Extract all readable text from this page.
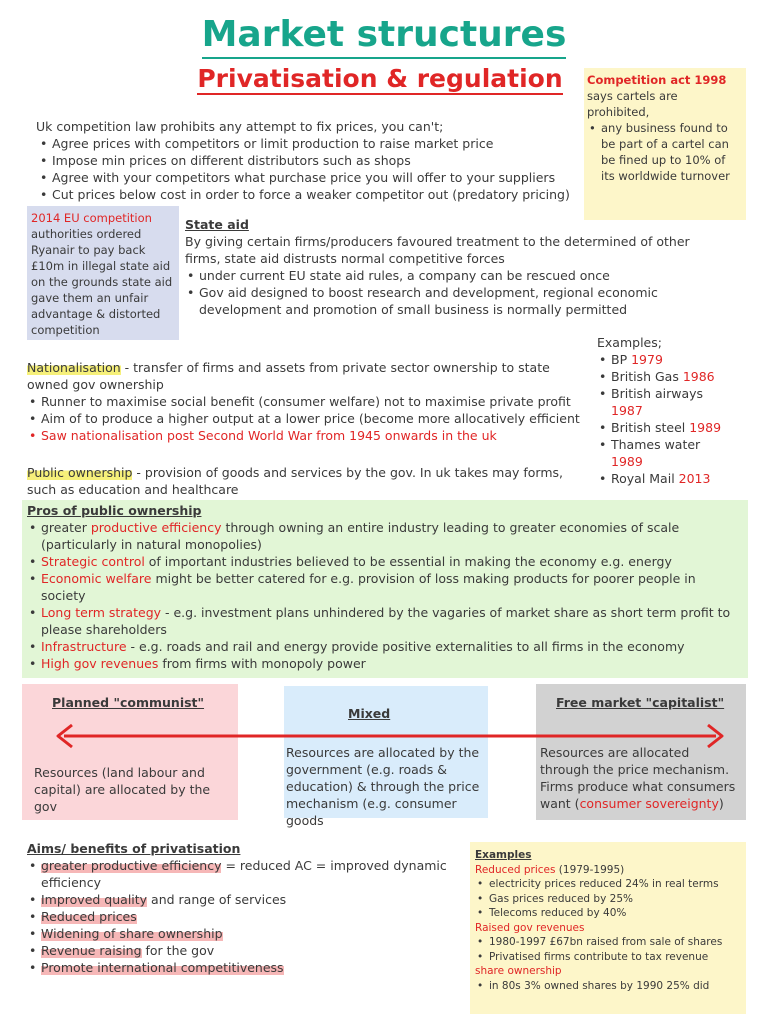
Market structures
Privatisation & regulation	Competition act 1998
says cartels are prohibited,
• any business found to be part of a cartel can be fined up to 10% of its worldwide turnover
Uk competition law prohibits any attempt to fix prices, you can't;
• Agree prices with competitors or limit production to raise market price
• Impose min prices on different distributors such as shops
• Agree with your competitors what purchase price you will offer to your suppliers
• Cut prices below cost in order to force a weaker competitor out (predatory pricing)
2014 EU competition
authorities ordered Ryanair to pay back £10m in illegal state aid on the grounds state aid gave them an unfair advantage & distorted competition
State aid
By giving certain firms/producers favoured treatment to the determined of other firms, state aid distrusts normal competitive forces
• under current EU state aid rules, a company can be rescued once
• Gov aid designed to boost research and development, regional economic development and promotion of small business is normally permitted
Examples;
• BP 1979
• British Gas 1986
• British airways
1987
• British steel 1989
• Thames water
1989
• Royal Mail 2013
Nationalisation - transfer of firms and assets from private sector ownership to state owned gov ownership
• Runner to maximise social benefit (consumer welfare) not to maximise private profit
• Aim of to produce a higher output at a lower price (become more allocatively efficient
• Saw nationalisation post Second World War from 1945 onwards in the uk
Public ownership - provision of goods and services by the gov. In uk takes may forms, such as education and healthcare
Pros of public ownership
• greater productive efficiency through owning an entire industry leading to greater economies of scale (particularly in natural monopolies)
• Strategic control of important industries believed to be essential in making the economy e.g. energy
• Economic welfare might be better catered for e.g. provision of loss making products for poorer people in society
• Long term strategy - e.g. investment plans unhindered by the vagaries of market share as short term profit to please shareholders
• Infrastructure - e.g. roads and rail and energy provide positive externalities to all firms in the economy
• High gov revenues from firms with monopoly power
Planned "communist"
Mixed
Free market "capitalist"
Resources (land labour and capital) are allocated by the gov
Resources are allocated by the government (e.g. roads & education) & through the price mechanism (e.g. consumer goods
Resources are allocated through the price mechanism. Firms produce what consumers want (consumer sovereignty)
Aims/ benefits of privatisation
• greater productive efficiency = reduced AC = improved dynamic efficiency
• Improved quality and range of services
• Reduced prices
• Widening of share ownership
• Revenue raising for the gov
• Promote international competitiveness
Examples
Reduced prices (1979-1995)
• electricity prices reduced 24% in real terms
• Gas prices reduced by 25%
• Telecoms reduced by 40%
Raised gov revenues
• 1980-1997 £67bn raised from sale of shares
• Privatised firms contribute to tax revenue
share ownership
• in 80s 3% owned shares by 1990 25% did
